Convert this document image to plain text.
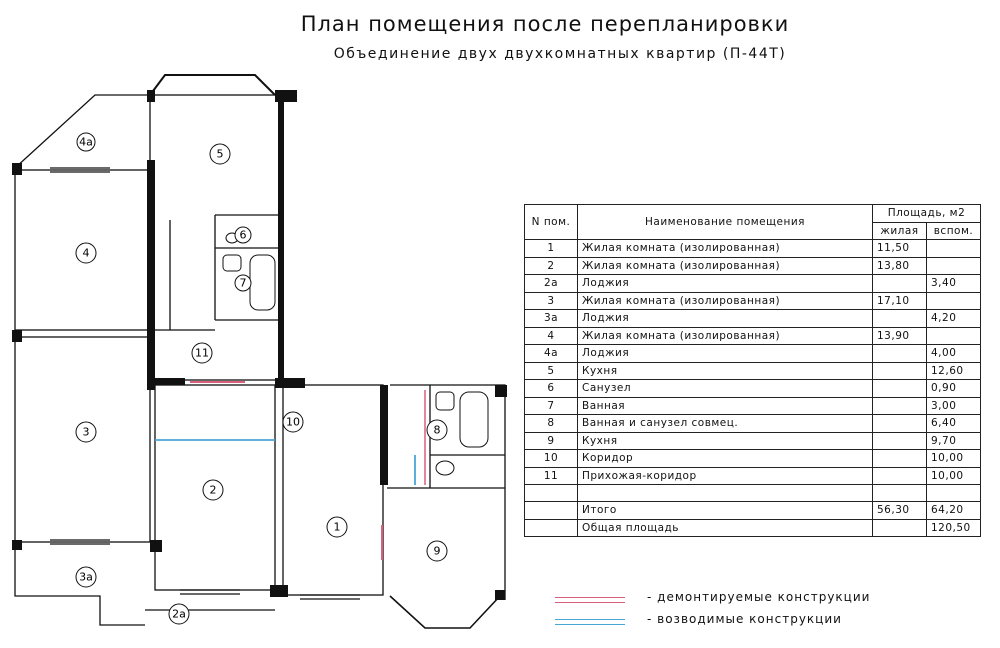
План помещения после перепланировки
Объединение двух двухкомнатных квартир (П-44Т)
4а
5
4
6
7
11
3
10
8
2
1
9
3а
2а
N пом.	Наименование помещения	Площадь, м2	
		жилая	вспом.
1	Жилая комната (изолированная)	11,50	
2	Жилая комната (изолированная)	13,80	
2а	Лоджия		3,40
3	Жилая комната (изолированная)	17,10	
3а	Лоджия		4,20
4	Жилая комната (изолированная)	13,90	
4а	Лоджия		4,00
5	Кухня		12,60
6	Санузел		0,90
7	Ванная		3,00
8	Ванная и санузел совмец.		6,40
9	Кухня		9,70
10	Коридор		10,00
11	Прихожая-коридор		10,00

	Итого	56,30	64,20
	Общая площадь		120,50
- демонтируемые конструкции
- возводимые конструкции
